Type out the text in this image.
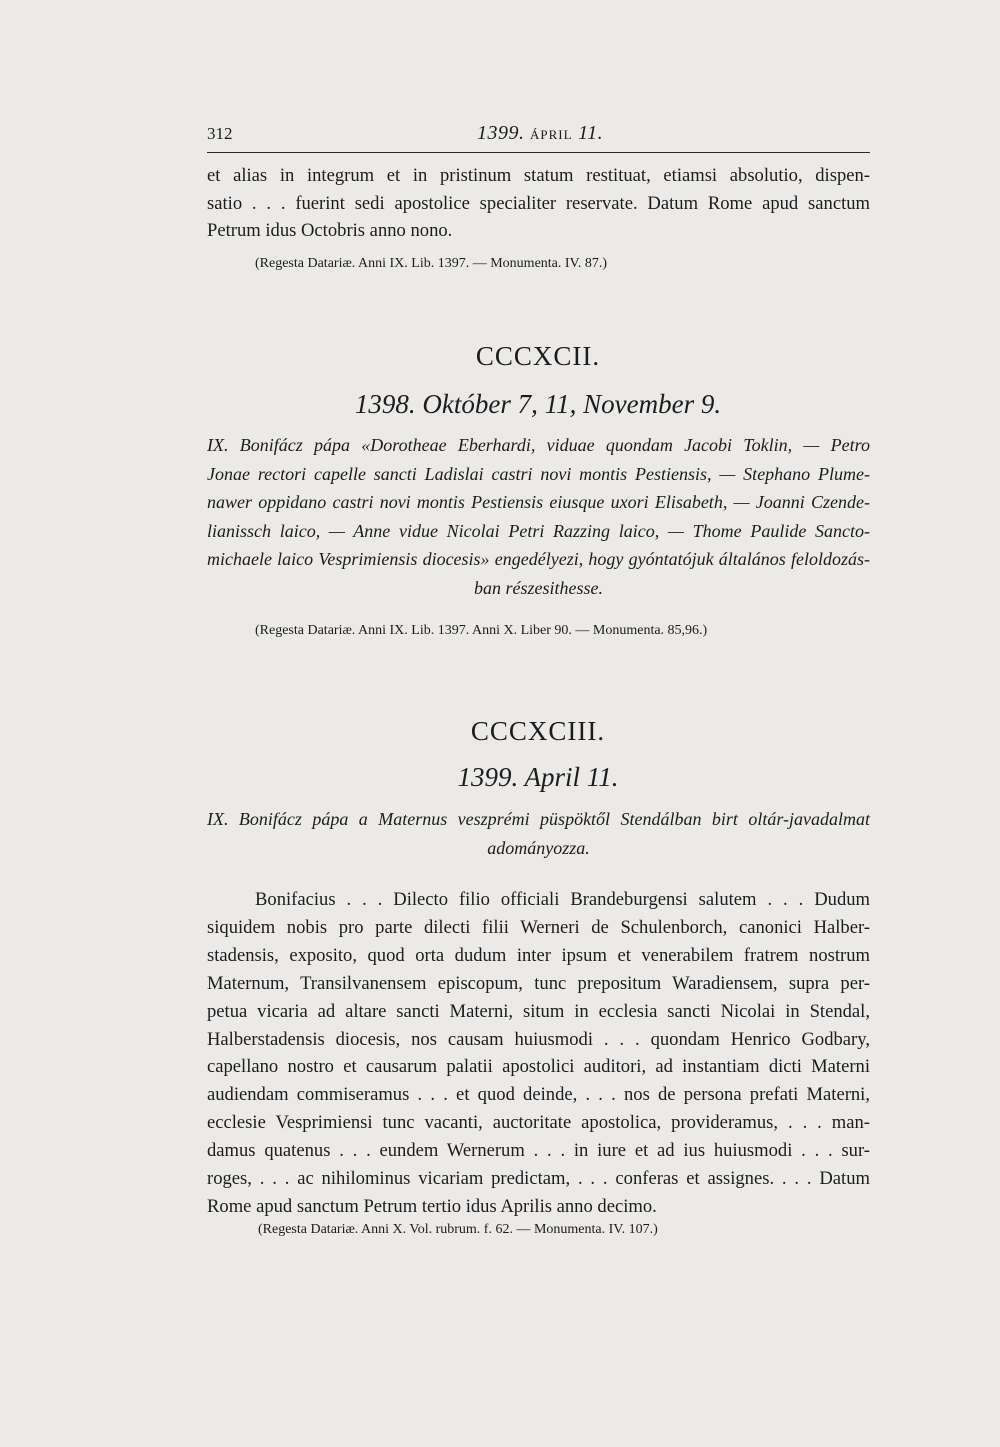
312	1399. ÁPRIL 11.
et alias in integrum et in pristinum statum restituat, etiamsi absolutio, dispen-
satio . . . fuerint sedi apostolice specialiter reservate. Datum Rome apud sanctum
Petrum idus Octobris anno nono.
(Regesta Datariæ. Anni IX. Lib. 1397. — Monumenta. IV. 87.)
CCCXCII.
1398. Október 7, 11, November 9.
IX. Bonifácz pápa «Dorotheae Eberhardi, viduae quondam Jacobi Toklin, — Petro
Jonae rectori capelle sancti Ladislai castri novi montis Pestiensis, — Stephano Plume-
nawer oppidano castri novi montis Pestiensis eiusque uxori Elisabeth, — Joanni Czende-
lianissch laico, — Anne vidue Nicolai Petri Razzing laico, — Thome Paulide Sancto-
michaele laico Vesprimiensis diocesis» engedélyezi, hogy gyóntatójuk általános feloldozás-
ban részesithesse.
(Regesta Datariæ. Anni IX. Lib. 1397. Anni X. Liber 90. — Monumenta. 85,96.)
CCCXCIII.
1399. April 11.
IX. Bonifácz pápa a Maternus veszprémi püspöktől Stendálban birt oltár-javadalmat
adományozza.
Bonifacius . . . Dilecto filio officiali Brandeburgensi salutem . . . Dudum
siquidem nobis pro parte dilecti filii Werneri de Schulenborch, canonici Halber-
stadensis, exposito, quod orta dudum inter ipsum et venerabilem fratrem nostrum
Maternum, Transilvanensem episcopum, tunc prepositum Waradiensem, supra per-
petua vicaria ad altare sancti Materni, situm in ecclesia sancti Nicolai in Stendal,
Halberstadensis diocesis, nos causam huiusmodi . . . quondam Henrico Godbary,
capellano nostro et causarum palatii apostolici auditori, ad instantiam dicti Materni
audiendam commiseramus . . . et quod deinde, . . . nos de persona prefati Materni,
ecclesie Vesprimiensi tunc vacanti, auctoritate apostolica, provideramus, . . . man-
damus quatenus . . . eundem Wernerum . . . in iure et ad ius huiusmodi . . . sur-
roges, . . . ac nihilominus vicariam predictam, . . . conferas et assignes. . . . Datum
Rome apud sanctum Petrum tertio idus Aprilis anno decimo.
(Regesta Datariæ. Anni X. Vol. rubrum. f. 62. — Monumenta. IV. 107.)
